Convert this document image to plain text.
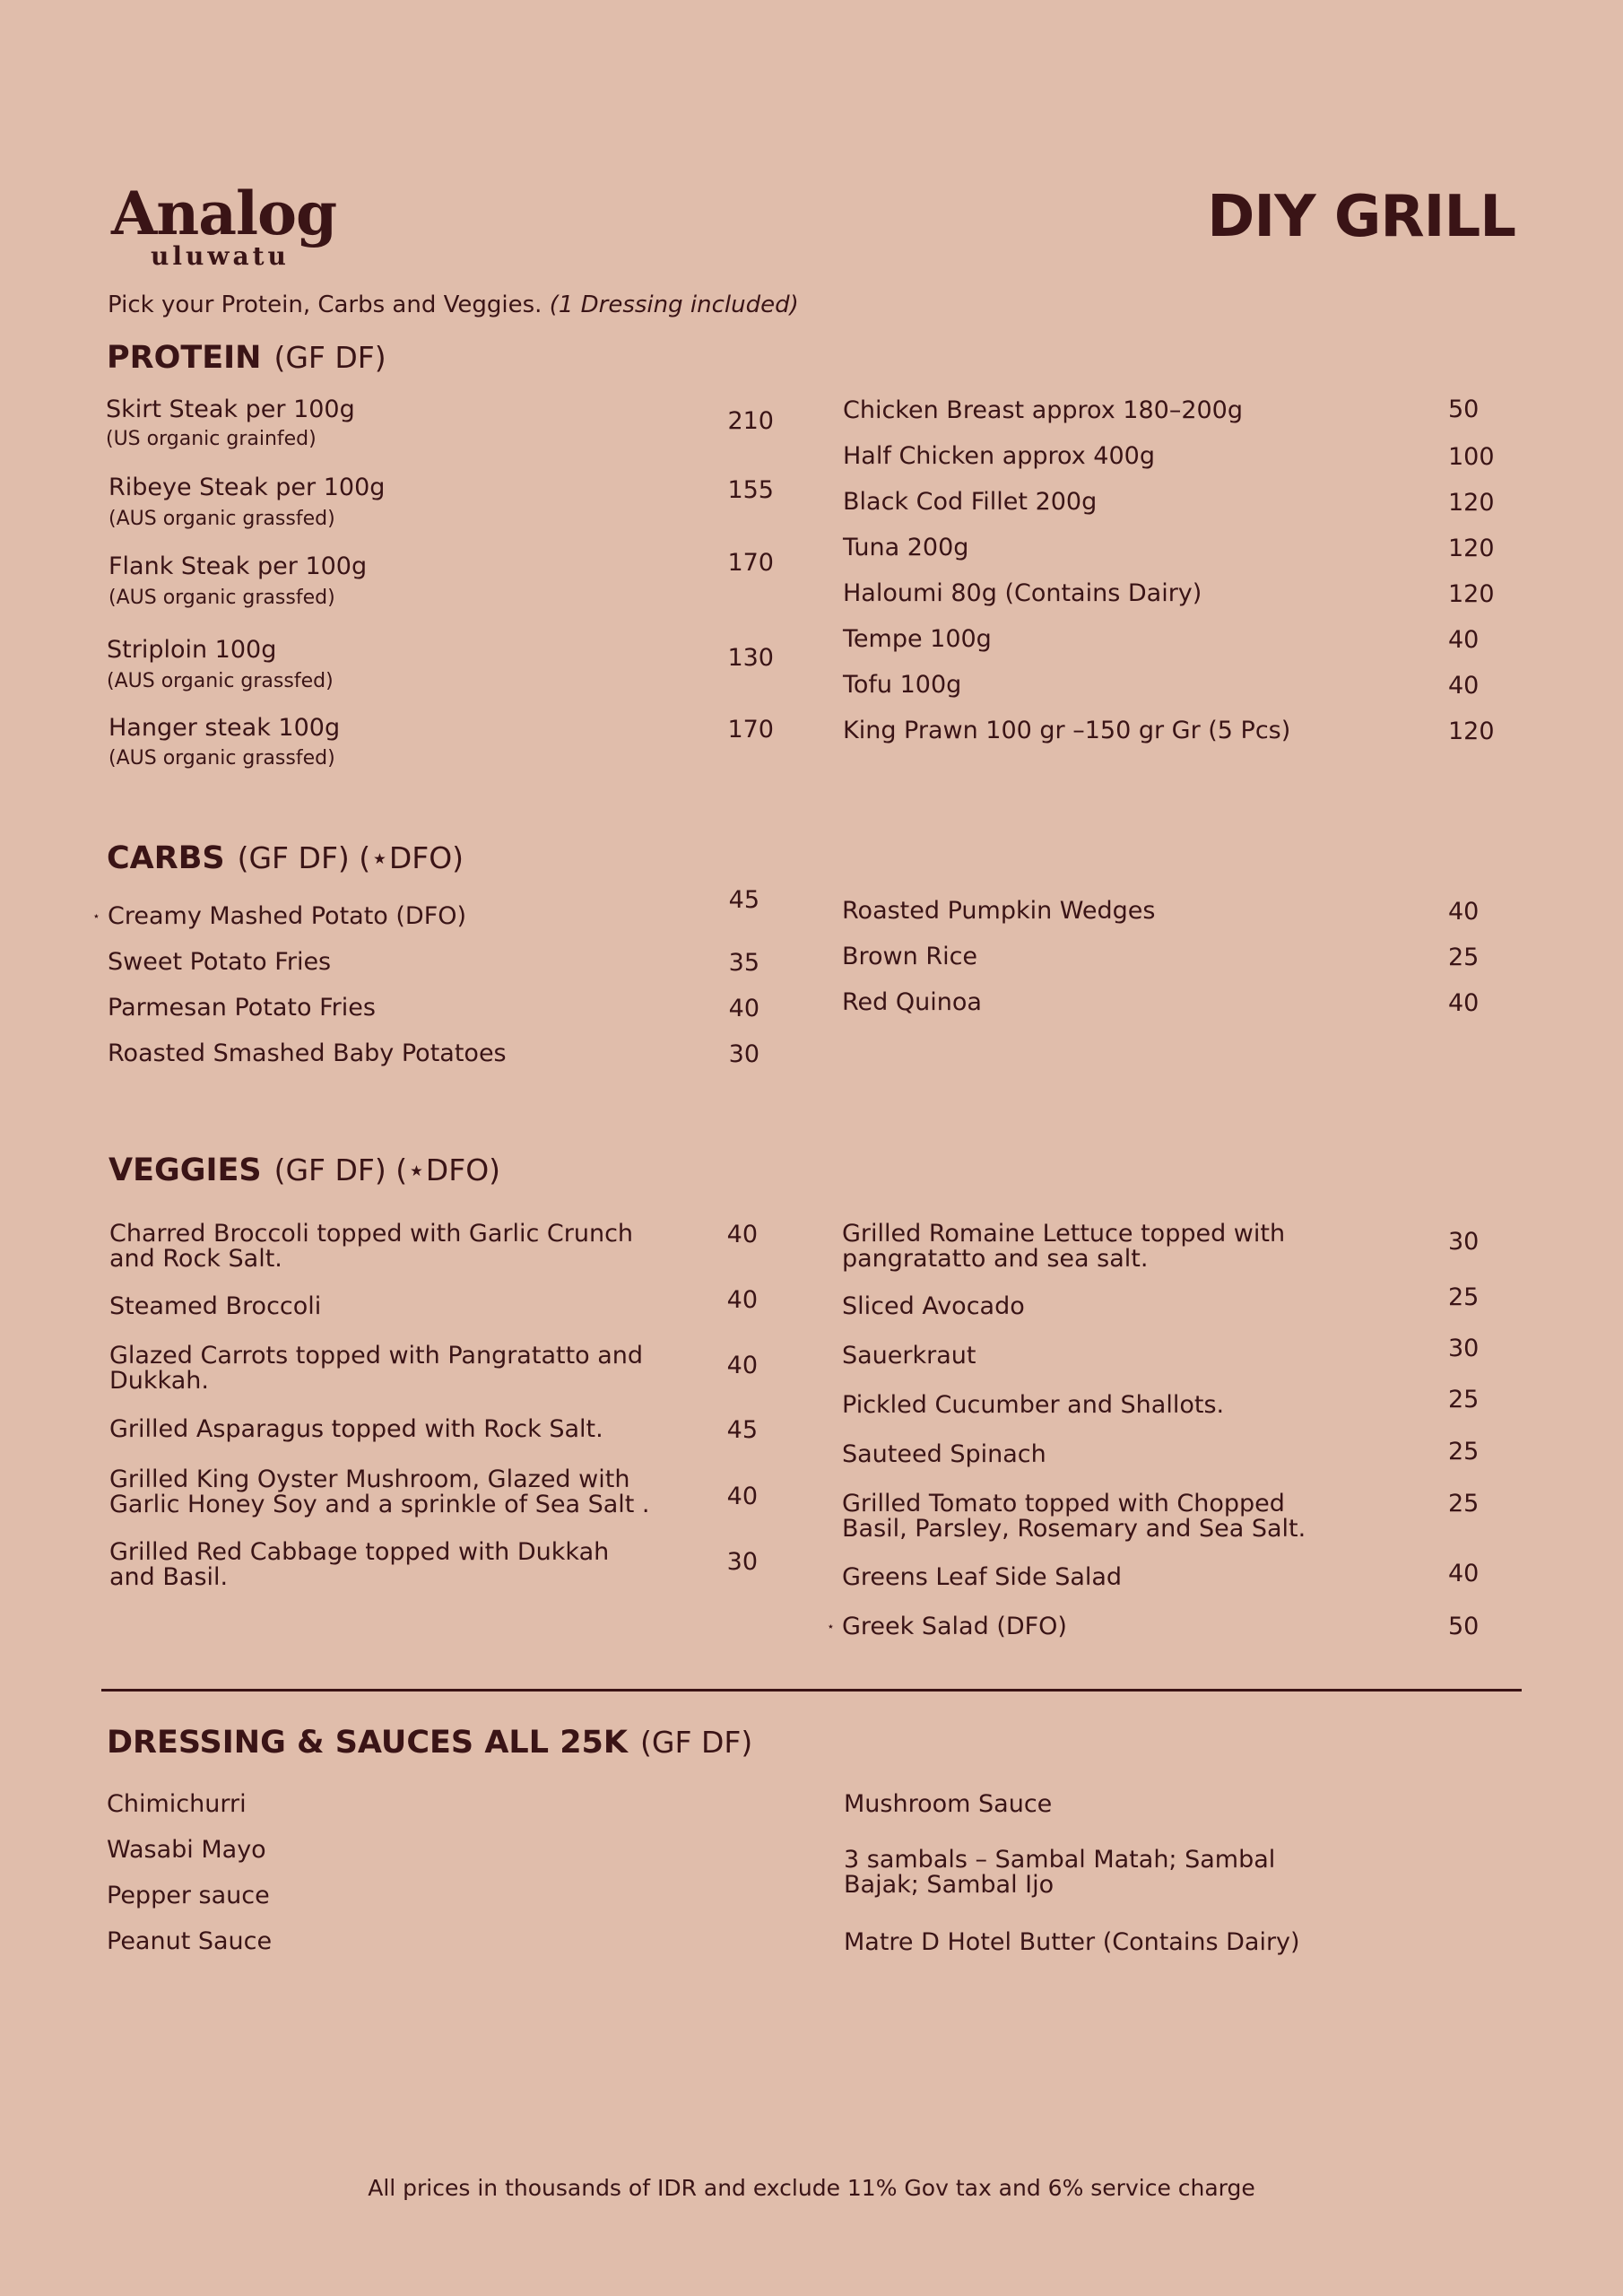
Analog
uluwatu
DIY GRILL
Pick your Protein, Carbs and Veggies. (1 Dressing included)
PROTEIN (GF DF)
Skirt Steak per 100g
(US organic grainfed)
210
Ribeye Steak per 100g
(AUS organic grassfed)
155
Flank Steak per 100g
(AUS organic grassfed)
170
Striploin 100g
(AUS organic grassfed)
130
Hanger steak 100g
(AUS organic grassfed)
170
Chicken Breast approx 180–200g	50
Half Chicken approx 400g	100
Black Cod Fillet 200g	120
Tuna 200g	120
Haloumi 80g (Contains Dairy)	120
Tempe 100g	40
Tofu 100g	40
King Prawn 100 gr –150 gr Gr (5 Pcs)	120
CARBS (GF DF) (⋆DFO)
⋆ Creamy Mashed Potato (DFO)
45
Sweet Potato Fries	35
Parmesan Potato Fries	40
Roasted Smashed Baby Potatoes	30
Roasted Pumpkin Wedges	40
Brown Rice	25
Red Quinoa	40
VEGGIES (GF DF) (⋆DFO)
Charred Broccoli topped with Garlic Crunch
and Rock Salt.
40
Steamed Broccoli	40
Glazed Carrots topped with Pangratatto and
Dukkah.
40
Grilled Asparagus topped with Rock Salt.	45
Grilled King Oyster Mushroom, Glazed with
Garlic Honey Soy and a sprinkle of Sea Salt .	40
Grilled Red Cabbage topped with Dukkah
and Basil.
30
Grilled Romaine Lettuce topped with
pangratatto and sea salt.
30
Sliced Avocado	25
Sauerkraut	30
Pickled Cucumber and Shallots.	25
Sauteed Spinach	25
Grilled Tomato topped with Chopped
Basil, Parsley, Rosemary and Sea Salt.
25
Greens Leaf Side Salad	40
⋆ Greek Salad (DFO)	50
DRESSING & SAUCES ALL 25K (GF DF)
Chimichurri
Wasabi Mayo
Pepper sauce
Peanut Sauce
Mushroom Sauce
3 sambals – Sambal Matah; Sambal
Bajak; Sambal Ijo
Matre D Hotel Butter (Contains Dairy)
All prices in thousands of IDR and exclude 11% Gov tax and 6% service charge
